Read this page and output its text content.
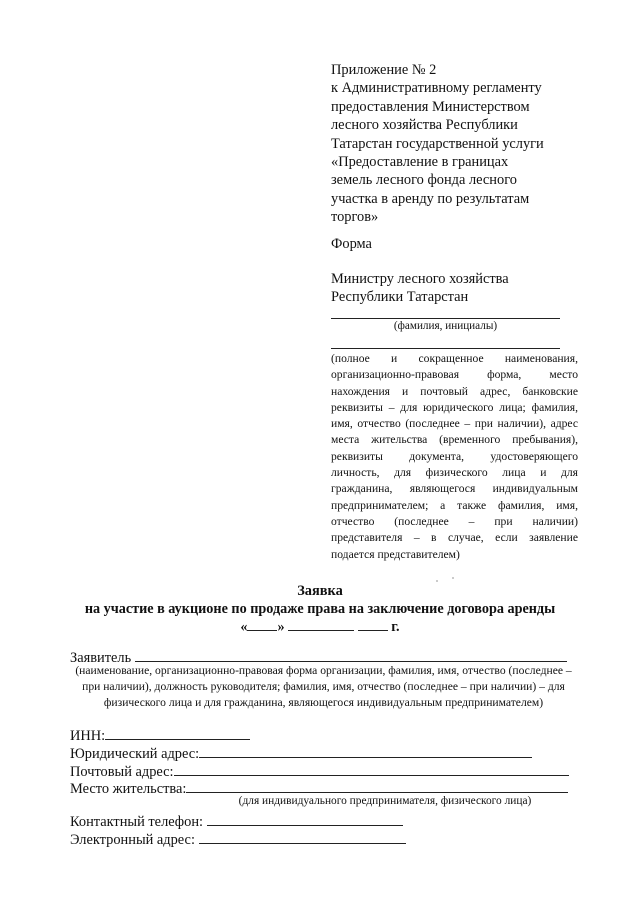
Приложение № 2
к Административному регламенту
предоставления Министерством
лесного хозяйства Республики
Татарстан государственной услуги
«Предоставление в границах
земель лесного фонда лесного
участка в аренду по результатам
торгов»
Форма
Министру лесного хозяйства
Республики Татарстан
(фамилия, инициалы)
(полное и сокращенное наименования, организационно-правовая форма, место нахождения и почтовый адрес, банковские реквизиты – для юридического лица; фамилия, имя, отчество (последнее – при наличии), адрес места жительства (временного пребывания), реквизиты документа, удостоверяющего личность, для физического лица и для гражданина, являющегося индивидуальным предпринимателем; а также фамилия, имя, отчество (последнее – при наличии) представителя – в случае, если заявление подается представителем)
Заявка
на участие в аукционе по продаже права на заключение договора аренды
« »	г.
Заявитель
(наименование, организационно-правовая форма организации, фамилия, имя, отчество (последнее – при наличии), должность руководителя; фамилия, имя, отчество (последнее – при наличии) – для физического лица и для гражданина, являющегося индивидуальным предпринимателем)
ИНН:
Юридический адрес:
Почтовый адрес:
Место жительства:
(для индивидуального предпринимателя, физического лица)
Контактный телефон:
Электронный адрес:
